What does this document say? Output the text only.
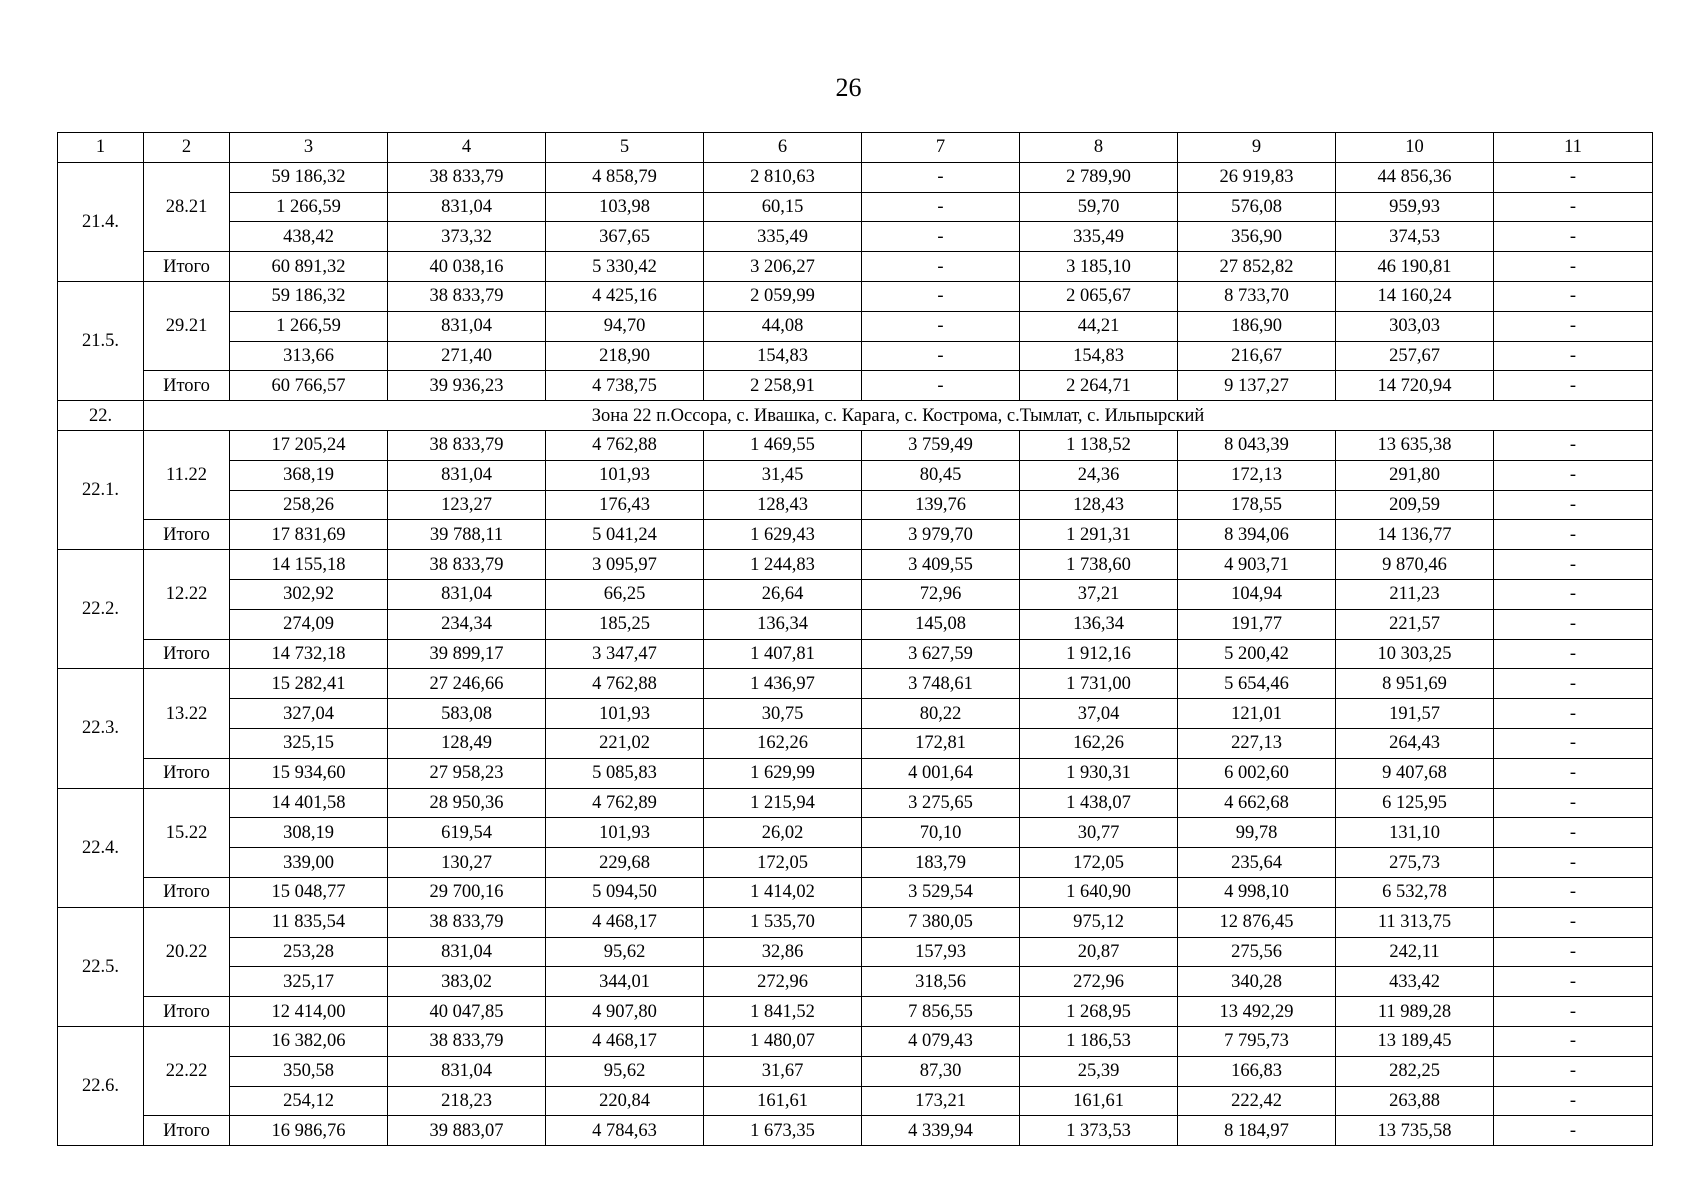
26
1	2	3	4	5	6	7	8	9	10	11
21.4.	28.21	59 186,32	38 833,79	4 858,79	2 810,63	-	2 789,90	26 919,83	44 856,36	-
		1 266,59	831,04	103,98	60,15	-	59,70	576,08	959,93	-
		438,42	373,32	367,65	335,49	-	335,49	356,90	374,53	-
	Итого	60 891,32	40 038,16	5 330,42	3 206,27	-	3 185,10	27 852,82	46 190,81	-
21.5.	29.21	59 186,32	38 833,79	4 425,16	2 059,99	-	2 065,67	8 733,70	14 160,24	-
		1 266,59	831,04	94,70	44,08	-	44,21	186,90	303,03	-
		313,66	271,40	218,90	154,83	-	154,83	216,67	257,67	-
	Итого	60 766,57	39 936,23	4 738,75	2 258,91	-	2 264,71	9 137,27	14 720,94	-
22.	Зона 22 п.Оссора, с. Ивашка, с. Карага, с. Кострома, с.Тымлат, с. Ильпырский									
22.1.	11.22	17 205,24	38 833,79	4 762,88	1 469,55	3 759,49	1 138,52	8 043,39	13 635,38	-
		368,19	831,04	101,93	31,45	80,45	24,36	172,13	291,80	-
		258,26	123,27	176,43	128,43	139,76	128,43	178,55	209,59	-
	Итого	17 831,69	39 788,11	5 041,24	1 629,43	3 979,70	1 291,31	8 394,06	14 136,77	-
22.2.	12.22	14 155,18	38 833,79	3 095,97	1 244,83	3 409,55	1 738,60	4 903,71	9 870,46	-
		302,92	831,04	66,25	26,64	72,96	37,21	104,94	211,23	-
		274,09	234,34	185,25	136,34	145,08	136,34	191,77	221,57	-
	Итого	14 732,18	39 899,17	3 347,47	1 407,81	3 627,59	1 912,16	5 200,42	10 303,25	-
22.3.	13.22	15 282,41	27 246,66	4 762,88	1 436,97	3 748,61	1 731,00	5 654,46	8 951,69	-
		327,04	583,08	101,93	30,75	80,22	37,04	121,01	191,57	-
		325,15	128,49	221,02	162,26	172,81	162,26	227,13	264,43	-
	Итого	15 934,60	27 958,23	5 085,83	1 629,99	4 001,64	1 930,31	6 002,60	9 407,68	-
22.4.	15.22	14 401,58	28 950,36	4 762,89	1 215,94	3 275,65	1 438,07	4 662,68	6 125,95	-
		308,19	619,54	101,93	26,02	70,10	30,77	99,78	131,10	-
		339,00	130,27	229,68	172,05	183,79	172,05	235,64	275,73	-
	Итого	15 048,77	29 700,16	5 094,50	1 414,02	3 529,54	1 640,90	4 998,10	6 532,78	-
22.5.	20.22	11 835,54	38 833,79	4 468,17	1 535,70	7 380,05	975,12	12 876,45	11 313,75	-
		253,28	831,04	95,62	32,86	157,93	20,87	275,56	242,11	-
		325,17	383,02	344,01	272,96	318,56	272,96	340,28	433,42	-
	Итого	12 414,00	40 047,85	4 907,80	1 841,52	7 856,55	1 268,95	13 492,29	11 989,28	-
22.6.	22.22	16 382,06	38 833,79	4 468,17	1 480,07	4 079,43	1 186,53	7 795,73	13 189,45	-
		350,58	831,04	95,62	31,67	87,30	25,39	166,83	282,25	-
		254,12	218,23	220,84	161,61	173,21	161,61	222,42	263,88	-
	Итого	16 986,76	39 883,07	4 784,63	1 673,35	4 339,94	1 373,53	8 184,97	13 735,58	-
